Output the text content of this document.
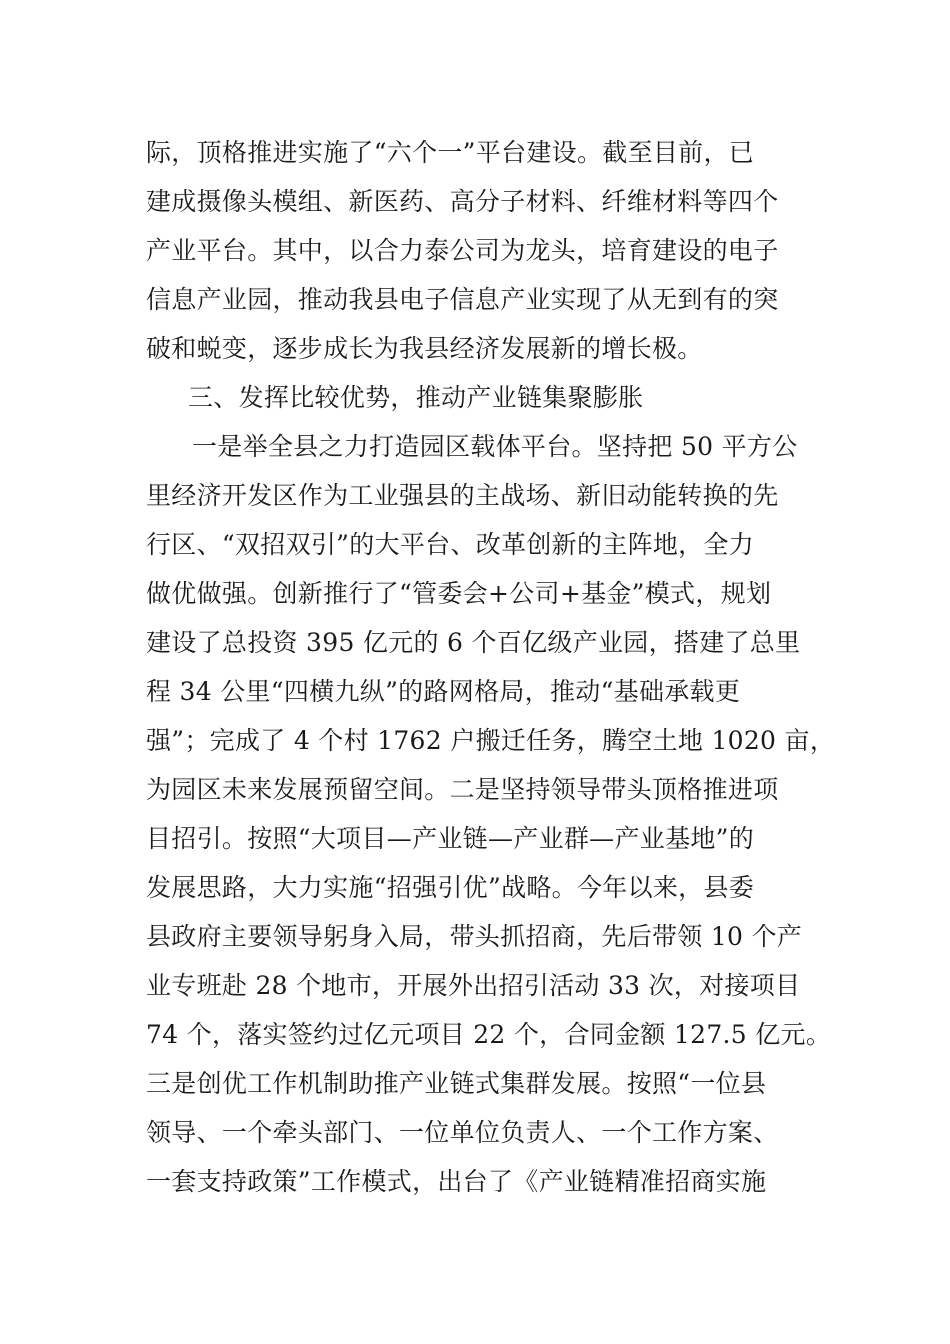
际，顶格推进实施了“六个一”平台建设。截至目前，已
建成摄像头模组、新医药、高分子材料、纤维材料等四个
产业平台。其中，以合力泰公司为龙头，培育建设的电子
信息产业园，推动我县电子信息产业实现了从无到有的突
破和蜕变，逐步成长为我县经济发展新的增长极。
三、发挥比较优势，推动产业链集聚膨胀
一是举全县之力打造园区载体平台。坚持把 50 平方公
里经济开发区作为工业强县的主战场、新旧动能转换的先
行区、“双招双引”的大平台、改革创新的主阵地，全力
做优做强。创新推行了“管委会+公司+基金”模式，规划
建设了总投资 395 亿元的 6 个百亿级产业园，搭建了总里
程 34 公里“四横九纵”的路网格局，推动“基础承载更
强”；完成了 4 个村 1762 户搬迁任务，腾空土地 1020 亩，
为园区未来发展预留空间。二是坚持领导带头顶格推进项
目招引。按照“大项目—产业链—产业群—产业基地”的
发展思路，大力实施“招强引优”战略。今年以来，县委
县政府主要领导躬身入局，带头抓招商，先后带领 10 个产
业专班赴 28 个地市，开展外出招引活动 33 次，对接项目
74 个，落实签约过亿元项目 22 个，合同金额 127.5 亿元。
三是创优工作机制助推产业链式集群发展。按照“一位县
领导、一个牵头部门、一位单位负责人、一个工作方案、
一套支持政策”工作模式，出台了《产业链精准招商实施
